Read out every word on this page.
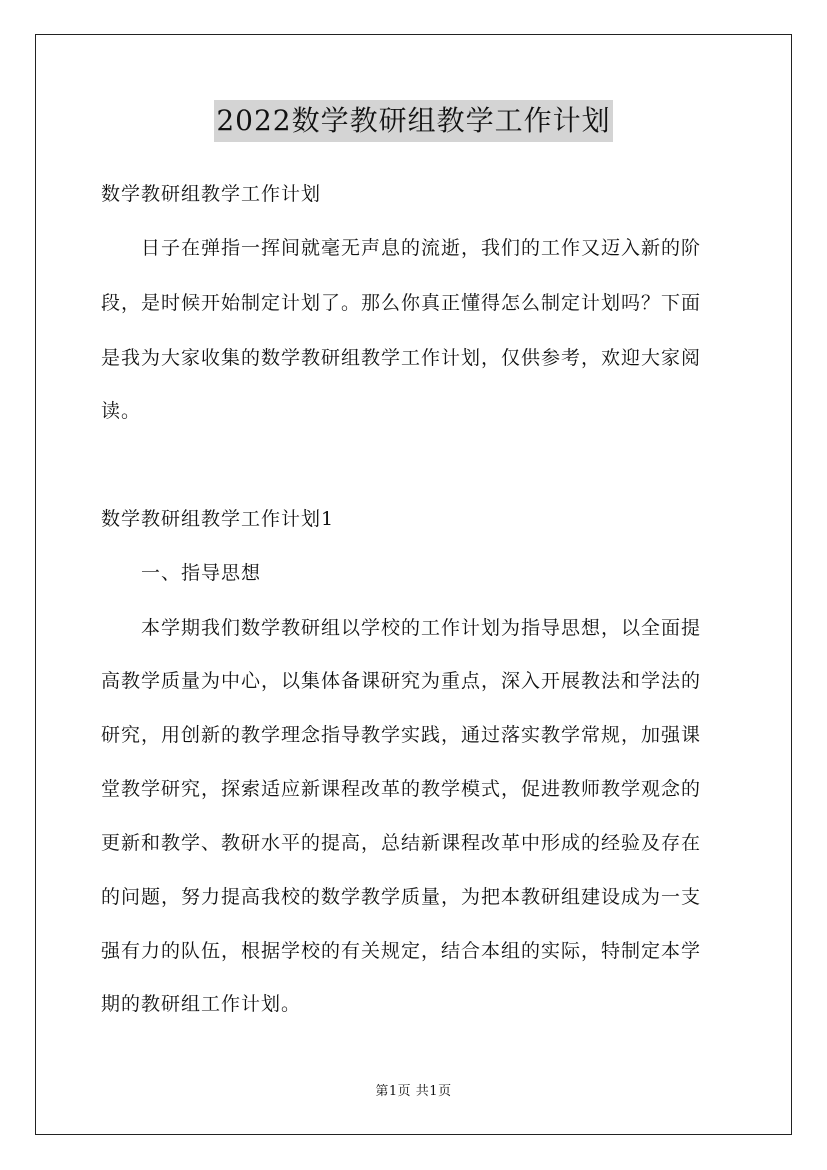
2022数学教研组教学工作计划
数学教研组教学工作计划
日子在弹指一挥间就毫无声息的流逝，我们的工作又迈入新的阶
段，是时候开始制定计划了。那么你真正懂得怎么制定计划吗？下面
是我为大家收集的数学教研组教学工作计划，仅供参考，欢迎大家阅
读。
数学教研组教学工作计划1
一、指导思想
本学期我们数学教研组以学校的工作计划为指导思想，以全面提
高教学质量为中心，以集体备课研究为重点，深入开展教法和学法的
研究，用创新的教学理念指导教学实践，通过落实教学常规，加强课
堂教学研究，探索适应新课程改革的教学模式，促进教师教学观念的
更新和教学、教研水平的提高，总结新课程改革中形成的经验及存在
的问题，努力提高我校的数学教学质量，为把本教研组建设成为一支
强有力的队伍，根据学校的有关规定，结合本组的实际，特制定本学
期的教研组工作计划。
第1页 共1页
